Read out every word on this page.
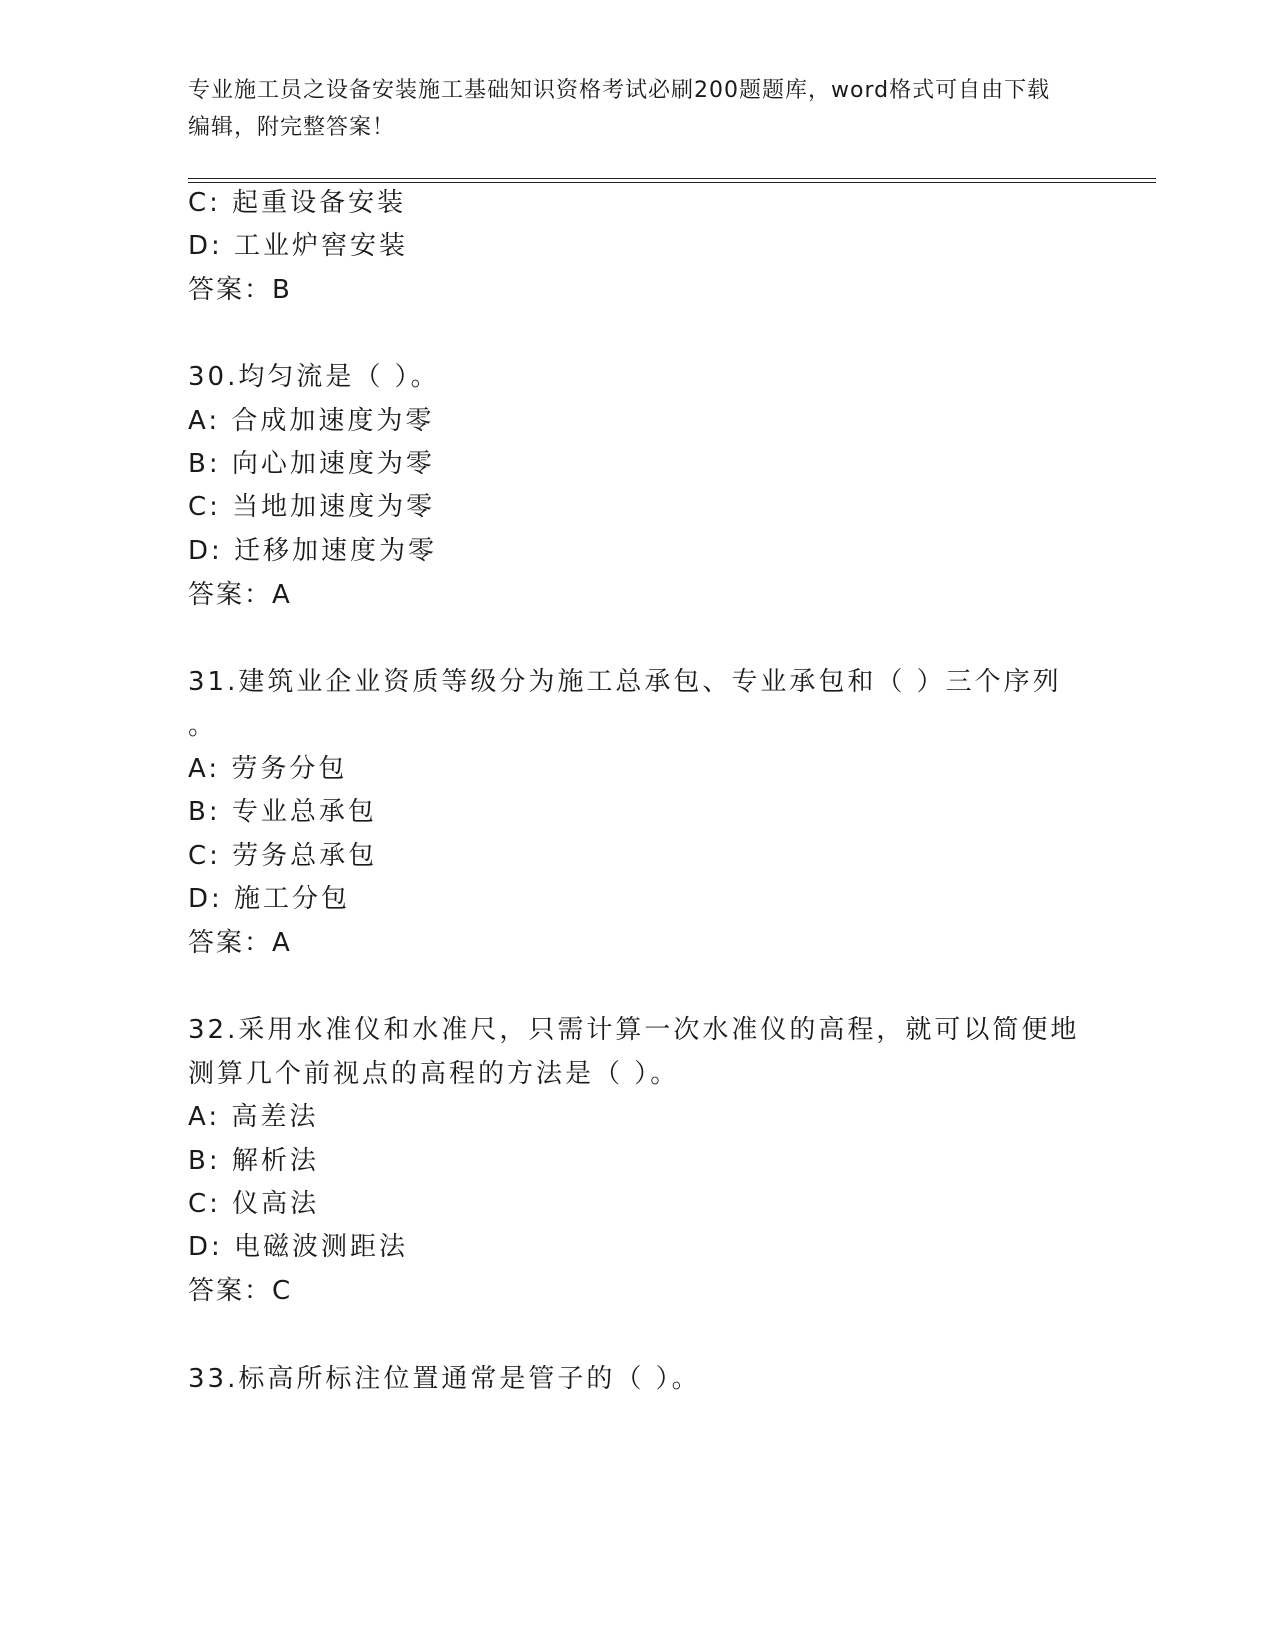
专业施工员之设备安装施工基础知识资格考试必刷200题题库，word格式可自由下载编辑，附完整答案！
C: 起重设备安装
D: 工业炉窖安装
答案：B
30.均匀流是（ ）。
A: 合成加速度为零
B: 向心加速度为零
C: 当地加速度为零
D: 迁移加速度为零
答案：A
31.建筑业企业资质等级分为施工总承包、专业承包和（ ）三个序列
。
A: 劳务分包
B: 专业总承包
C: 劳务总承包
D: 施工分包
答案：A
32.采用水准仪和水准尺，只需计算一次水准仪的高程，就可以简便地
测算几个前视点的高程的方法是（ ）。
A: 高差法
B: 解析法
C: 仪高法
D: 电磁波测距法
答案：C
33.标高所标注位置通常是管子的（ ）。
